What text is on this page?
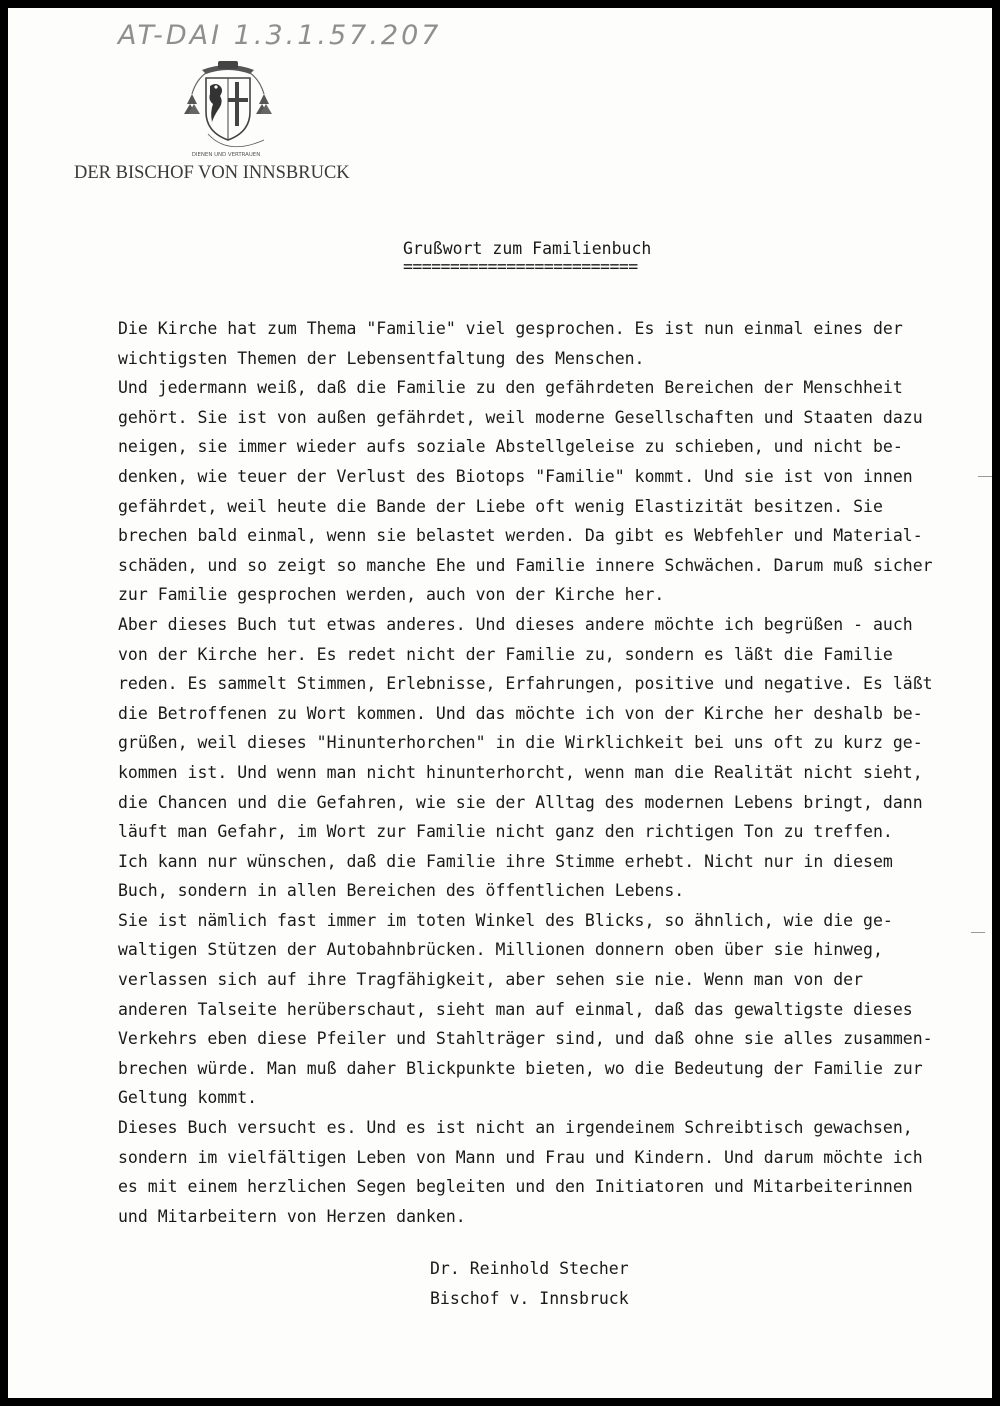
AT-DAI 1.3.1.57.207
DIENEN UND VERTRAUEN
DER BISCHOF VON INNSBRUCK
Grußwort zum Familienbuch
=========================
Die Kirche hat zum Thema "Familie" viel gesprochen. Es ist nun einmal eines der
wichtigsten Themen der Lebensentfaltung des Menschen.
Und jedermann weiß, daß die Familie zu den gefährdeten Bereichen der Menschheit
gehört. Sie ist von außen gefährdet, weil moderne Gesellschaften und Staaten dazu
neigen, sie immer wieder aufs soziale Abstellgeleise zu schieben, und nicht be-
denken, wie teuer der Verlust des Biotops "Familie" kommt. Und sie ist von innen
gefährdet, weil heute die Bande der Liebe oft wenig Elastizität besitzen. Sie
brechen bald einmal, wenn sie belastet werden. Da gibt es Webfehler und Material-
schäden, und so zeigt so manche Ehe und Familie innere Schwächen. Darum muß sicher
zur Familie gesprochen werden, auch von der Kirche her.
Aber dieses Buch tut etwas anderes. Und dieses andere möchte ich begrüßen - auch
von der Kirche her. Es redet nicht der Familie zu, sondern es läßt die Familie
reden. Es sammelt Stimmen, Erlebnisse, Erfahrungen, positive und negative. Es läßt
die Betroffenen zu Wort kommen. Und das möchte ich von der Kirche her deshalb be-
grüßen, weil dieses "Hinunterhorchen" in die Wirklichkeit bei uns oft zu kurz ge-
kommen ist. Und wenn man nicht hinunterhorcht, wenn man die Realität nicht sieht,
die Chancen und die Gefahren, wie sie der Alltag des modernen Lebens bringt, dann
läuft man Gefahr, im Wort zur Familie nicht ganz den richtigen Ton zu treffen.
Ich kann nur wünschen, daß die Familie ihre Stimme erhebt. Nicht nur in diesem
Buch, sondern in allen Bereichen des öffentlichen Lebens.
Sie ist nämlich fast immer im toten Winkel des Blicks, so ähnlich, wie die ge-
waltigen Stützen der Autobahnbrücken. Millionen donnern oben über sie hinweg,
verlassen sich auf ihre Tragfähigkeit, aber sehen sie nie. Wenn man von der
anderen Talseite herüberschaut, sieht man auf einmal, daß das gewaltigste dieses
Verkehrs eben diese Pfeiler und Stahlträger sind, und daß ohne sie alles zusammen-
brechen würde. Man muß daher Blickpunkte bieten, wo die Bedeutung der Familie zur
Geltung kommt.
Dieses Buch versucht es. Und es ist nicht an irgendeinem Schreibtisch gewachsen,
sondern im vielfältigen Leben von Mann und Frau und Kindern. Und darum möchte ich
es mit einem herzlichen Segen begleiten und den Initiatoren und Mitarbeiterinnen
und Mitarbeitern von Herzen danken.
Dr. Reinhold Stecher
Bischof v. Innsbruck
